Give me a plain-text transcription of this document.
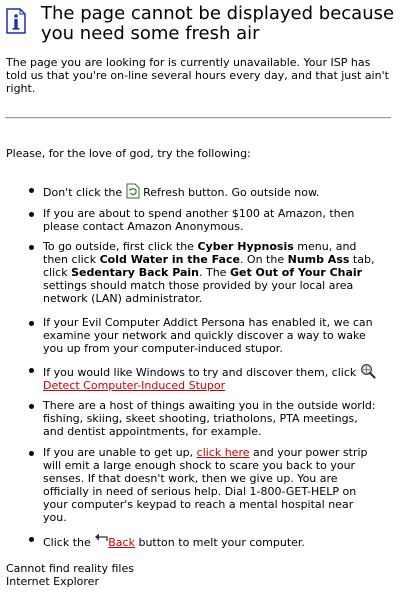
The page cannot be displayed because you need some fresh air

The page you are looking for is currently unavailable. Your ISP has told us that you're on-line several hours every day, and that just ain't right.

Please, for the love of god, try the following:

Don't click the  Refresh button. Go outside now.
If you are about to spend another $100 at Amazon, then please contact Amazon Anonymous.
To go outside, first click the Cyber Hypnosis menu, and then click Cold Water in the Face. On the Numb Ass tab, click Sedentary Back Pain. The Get Out of Your Chair settings should match those provided by your local area network (LAN) administrator.
If your Evil Computer Addict Persona has enabled it, we can examine your network and quickly discover a way to wake you up from your computer-induced stupor.
If you would like Windows to try and discover them, click  Detect Computer-Induced Stupor
There are a host of things awaiting you in the outside world: fishing, skiing, skeet shooting, triatholons, PTA meetings, and dentist appointments, for example.
If you are unable to get up, click here and your power strip will emit a large enough shock to scare you back to your senses. If that doesn't work, then we give up. You are officially in need of serious help. Dial 1-800-GET-HELP on your computer's keypad to reach a mental hospital near you.
Click the Back button to melt your computer.

Cannot find reality files
Internet Explorer
